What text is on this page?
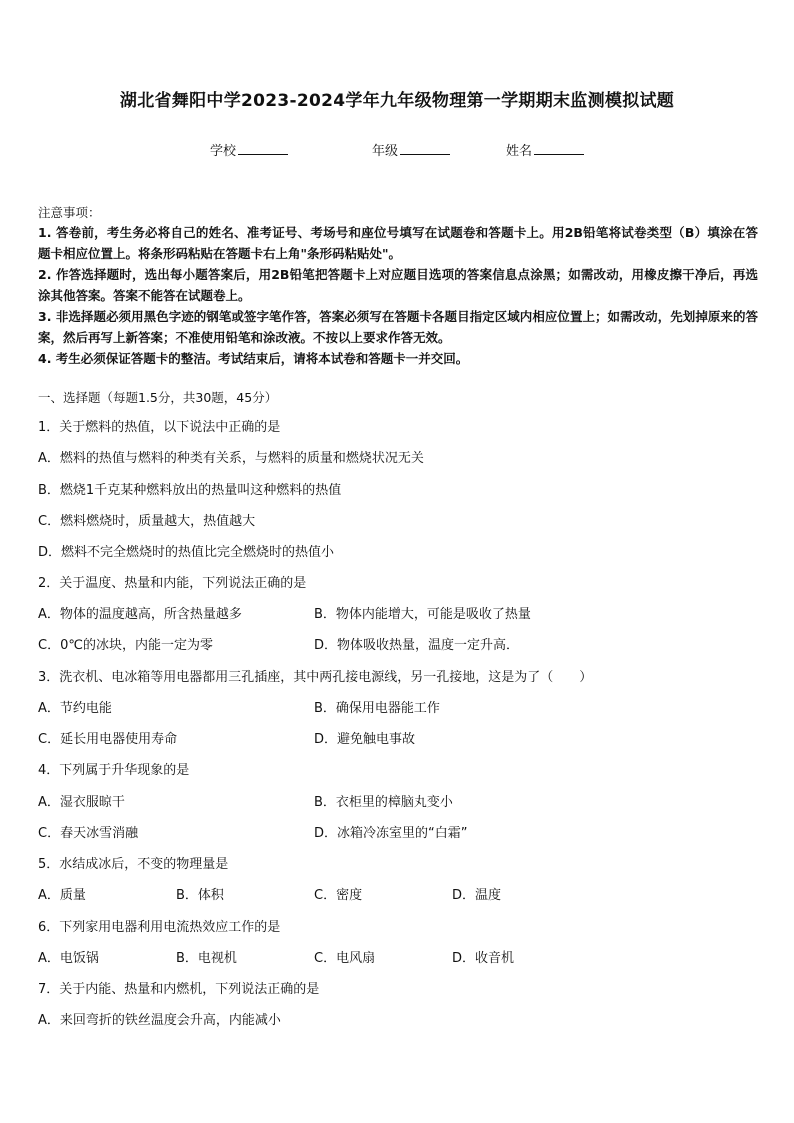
湖北省舞阳中学2023-2024学年九年级物理第一学期期末监测模拟试题
学校	年级	姓名
注意事项：

1. 答卷前，考生务必将自己的姓名、准考证号、考场号和座位号填写在试题卷和答题卡上。用2B铅笔将试卷类型（B）填涂在答题卡相应位置上。将条形码粘贴在答题卡右上角"条形码粘贴处"。

2. 作答选择题时，选出每小题答案后，用2B铅笔把答题卡上对应题目选项的答案信息点涂黑；如需改动，用橡皮擦干净后，再选涂其他答案。答案不能答在试题卷上。

3. 非选择题必须用黑色字迹的钢笔或签字笔作答，答案必须写在答题卡各题目指定区域内相应位置上；如需改动，先划掉原来的答案，然后再写上新答案；不准使用铅笔和涂改液。不按以上要求作答无效。

4. 考生必须保证答题卡的整洁。考试结束后，请将本试卷和答题卡一并交回。

一、选择题（每题1.5分，共30题，45分）
1．关于燃料的热值，以下说法中正确的是
A．燃料的热值与燃料的种类有关系，与燃料的质量和燃烧状况无关
B．燃烧1千克某种燃料放出的热量叫这种燃料的热值
C．燃料燃烧时，质量越大，热值越大
D．燃料不完全燃烧时的热值比完全燃烧时的热值小
2．关于温度、热量和内能，下列说法正确的是
A．物体的温度越高，所含热量越多	B．物体内能增大，可能是吸收了热量
C．0℃的冰块，内能一定为零	D．物体吸收热量，温度一定升高．
3．洗衣机、电冰箱等用电器都用三孔插座，其中两孔接电源线，另一孔接地，这是为了（　　）
A．节约电能	B．确保用电器能工作
C．延长用电器使用寿命	D．避免触电事故
4．下列属于升华现象的是
A．湿衣服晾干	B．衣柜里的樟脑丸变小
C．春天冰雪消融	D．冰箱冷冻室里的“白霜”
5．水结成冰后，不变的物理量是
A．质量	B．体积	C．密度	D．温度
6．下列家用电器利用电流热效应工作的是
A．电饭锅	B．电视机	C．电风扇	D．收音机
7．关于内能、热量和内燃机，下列说法正确的是
A．来回弯折的铁丝温度会升高，内能减小
